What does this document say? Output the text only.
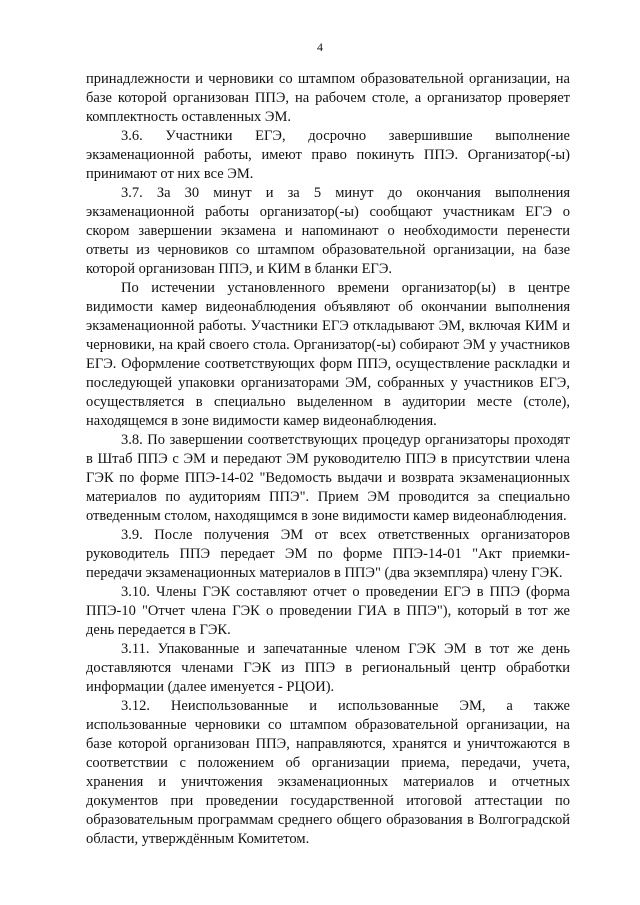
4

принадлежности и черновики со штампом образовательной организации, на базе которой организован ППЭ, на рабочем столе, а организатор проверяет комплектность оставленных ЭМ.

3.6. Участники ЕГЭ, досрочно завершившие выполнение экзаменационной работы, имеют право покинуть ППЭ. Организатор(-ы) принимают от них все ЭМ.

3.7. За 30 минут и за 5 минут до окончания выполнения экзаменационной работы организатор(-ы) сообщают участникам ЕГЭ о скором завершении экзамена и напоминают о необходимости перенести ответы из черновиков со штампом образовательной организации, на базе которой организован ППЭ, и КИМ в бланки ЕГЭ.

По истечении установленного времени организатор(ы) в центре видимости камер видеонаблюдения объявляют об окончании выполнения экзаменационной работы. Участники ЕГЭ откладывают ЭМ, включая КИМ и черновики, на край своего стола. Организатор(-ы) собирают ЭМ у участников ЕГЭ. Оформление соответствующих форм ППЭ, осуществление раскладки и последующей упаковки организаторами ЭМ, собранных у участников ЕГЭ, осуществляется в специально выделенном в аудитории месте (столе), находящемся в зоне видимости камер видеонаблюдения.

3.8. По завершении соответствующих процедур организаторы проходят в Штаб ППЭ с ЭМ и передают ЭМ руководителю ППЭ в присутствии члена ГЭК по форме ППЭ-14-02 "Ведомость выдачи и возврата экзаменационных материалов по аудиториям ППЭ". Прием ЭМ проводится за специально отведенным столом, находящимся в зоне видимости камер видеонаблюдения.

3.9. После получения ЭМ от всех ответственных организаторов руководитель ППЭ передает ЭМ по форме ППЭ-14-01 "Акт приемки-передачи экзаменационных материалов в ППЭ" (два экземпляра) члену ГЭК.

3.10. Члены ГЭК составляют отчет о проведении ЕГЭ в ППЭ (форма ППЭ-10 "Отчет члена ГЭК о проведении ГИА в ППЭ"), который в тот же день передается в ГЭК.

3.11. Упакованные и запечатанные членом ГЭК ЭМ в тот же день доставляются членами ГЭК из ППЭ в региональный центр обработки информации (далее именуется - РЦОИ).

3.12. Неиспользованные и использованные ЭМ, а также использованные черновики со штампом образовательной организации, на базе которой организован ППЭ, направляются, хранятся и уничтожаются в соответствии с положением об организации приема, передачи, учета, хранения и уничтожения экзаменационных материалов и отчетных документов при проведении государственной итоговой аттестации по образовательным программам среднего общего образования в Волгоградской области, утверждённым Комитетом.
